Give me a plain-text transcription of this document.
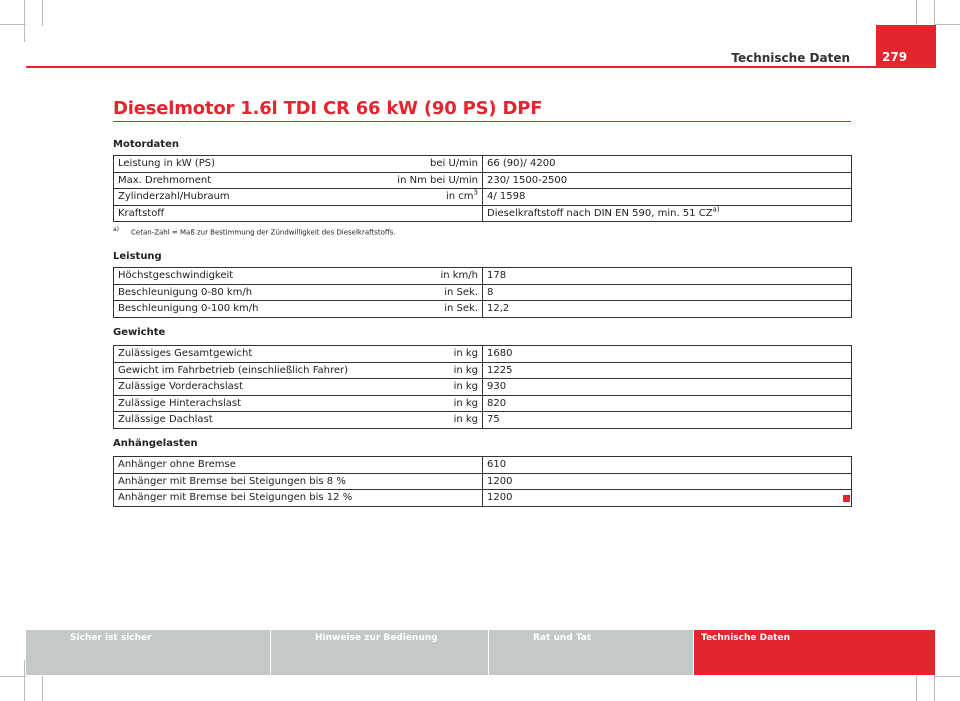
Technische Daten	279
Dieselmotor 1.6l TDI CR 66 kW (90 PS) DPF
Motordaten
Leistung in kW (PS)	bei U/min	66 (90)/ 4200
Max. Drehmoment	in Nm bei U/min	230/ 1500-2500
Zylinderzahl/Hubraum	in $cm^3$	4/ 1598
Kraftstoff		Dieselkraftstoff nach DIN EN 590, min. 51 CZ$^{a)}$
a) Cetan-Zahl = Maß zur Bestimmung der Zündwilligkeit des Dieselkraftstoffs.
Leistung
Höchstgeschwindigkeit	in km/h	178
Beschleunigung 0-80 km/h	in Sek.	8
Beschleunigung 0-100 km/h	in Sek.	12,2
Gewichte
Zulässiges Gesamtgewicht	in kg	1680
Gewicht im Fahrbetrieb (einschließlich Fahrer)	in kg	1225
Zulässige Vorderachslast	in kg	930
Zulässige Hinterachslast	in kg	820
Zulässige Dachlast	in kg	75
Anhängelasten
Anhänger ohne Bremse	610
Anhänger mit Bremse bei Steigungen bis 8 %	1200
Anhänger mit Bremse bei Steigungen bis 12 %	1200
Sicher ist sicher	Hinweise zur Bedienung	Rat und Tat	Technische Daten
